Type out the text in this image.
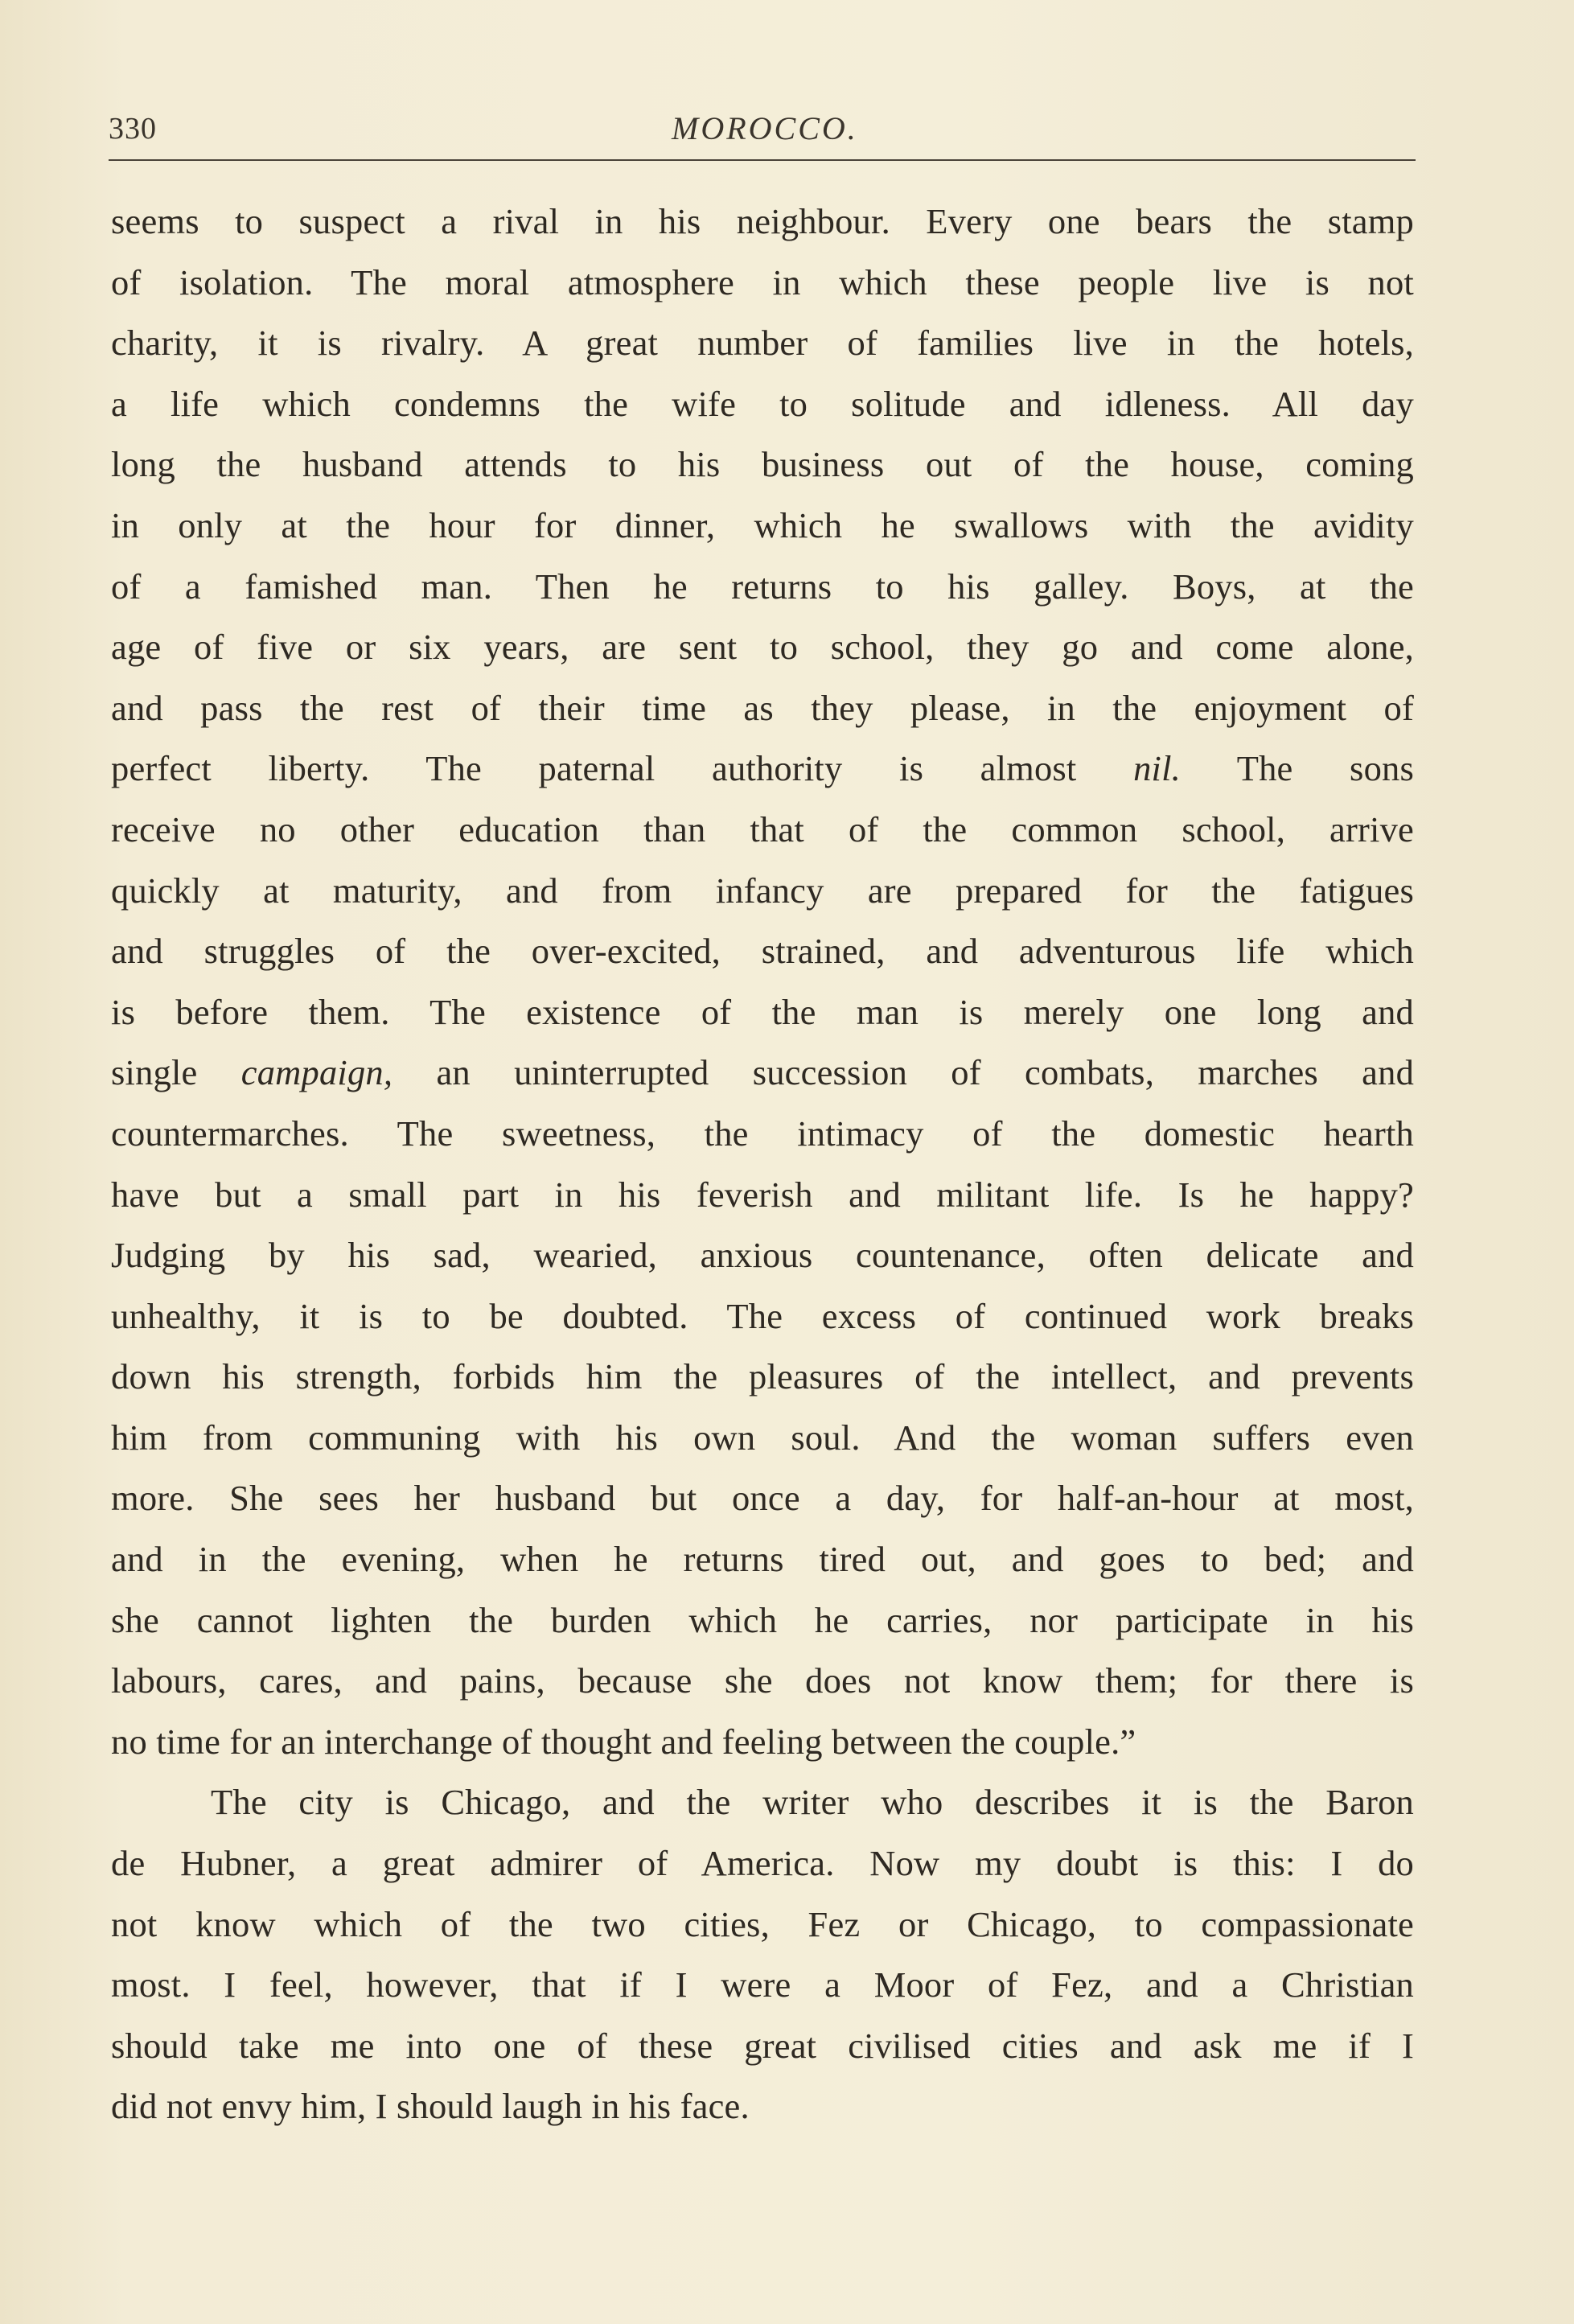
330	MOROCCO.
seems to suspect a rival in his neighbour. Every one bears the stamp
of isolation. The moral atmosphere in which these people live is not
charity, it is rivalry. A great number of families live in the hotels,
a life which condemns the wife to solitude and idleness. All day
long the husband attends to his business out of the house, coming
in only at the hour for dinner, which he swallows with the avidity
of a famished man. Then he returns to his galley. Boys, at the
age of five or six years, are sent to school, they go and come alone,
and pass the rest of their time as they please, in the enjoyment of
perfect liberty. The paternal authority is almost nil. The sons
receive no other education than that of the common school, arrive
quickly at maturity, and from infancy are prepared for the fatigues
and struggles of the over-excited, strained, and adventurous life which
is before them. The existence of the man is merely one long and
single campaign, an uninterrupted succession of combats, marches and
countermarches. The sweetness, the intimacy of the domestic hearth
have but a small part in his feverish and militant life. Is he happy?
Judging by his sad, wearied, anxious countenance, often delicate and
unhealthy, it is to be doubted. The excess of continued work breaks
down his strength, forbids him the pleasures of the intellect, and prevents
him from communing with his own soul. And the woman suffers even
more. She sees her husband but once a day, for half-an-hour at most,
and in the evening, when he returns tired out, and goes to bed; and
she cannot lighten the burden which he carries, nor participate in his
labours, cares, and pains, because she does not know them; for there is
no time for an interchange of thought and feeling between the couple.”
The city is Chicago, and the writer who describes it is the Baron
de Hubner, a great admirer of America. Now my doubt is this: I do
not know which of the two cities, Fez or Chicago, to compassionate
most. I feel, however, that if I were a Moor of Fez, and a Christian
should take me into one of these great civilised cities and ask me if I
did not envy him, I should laugh in his face.
